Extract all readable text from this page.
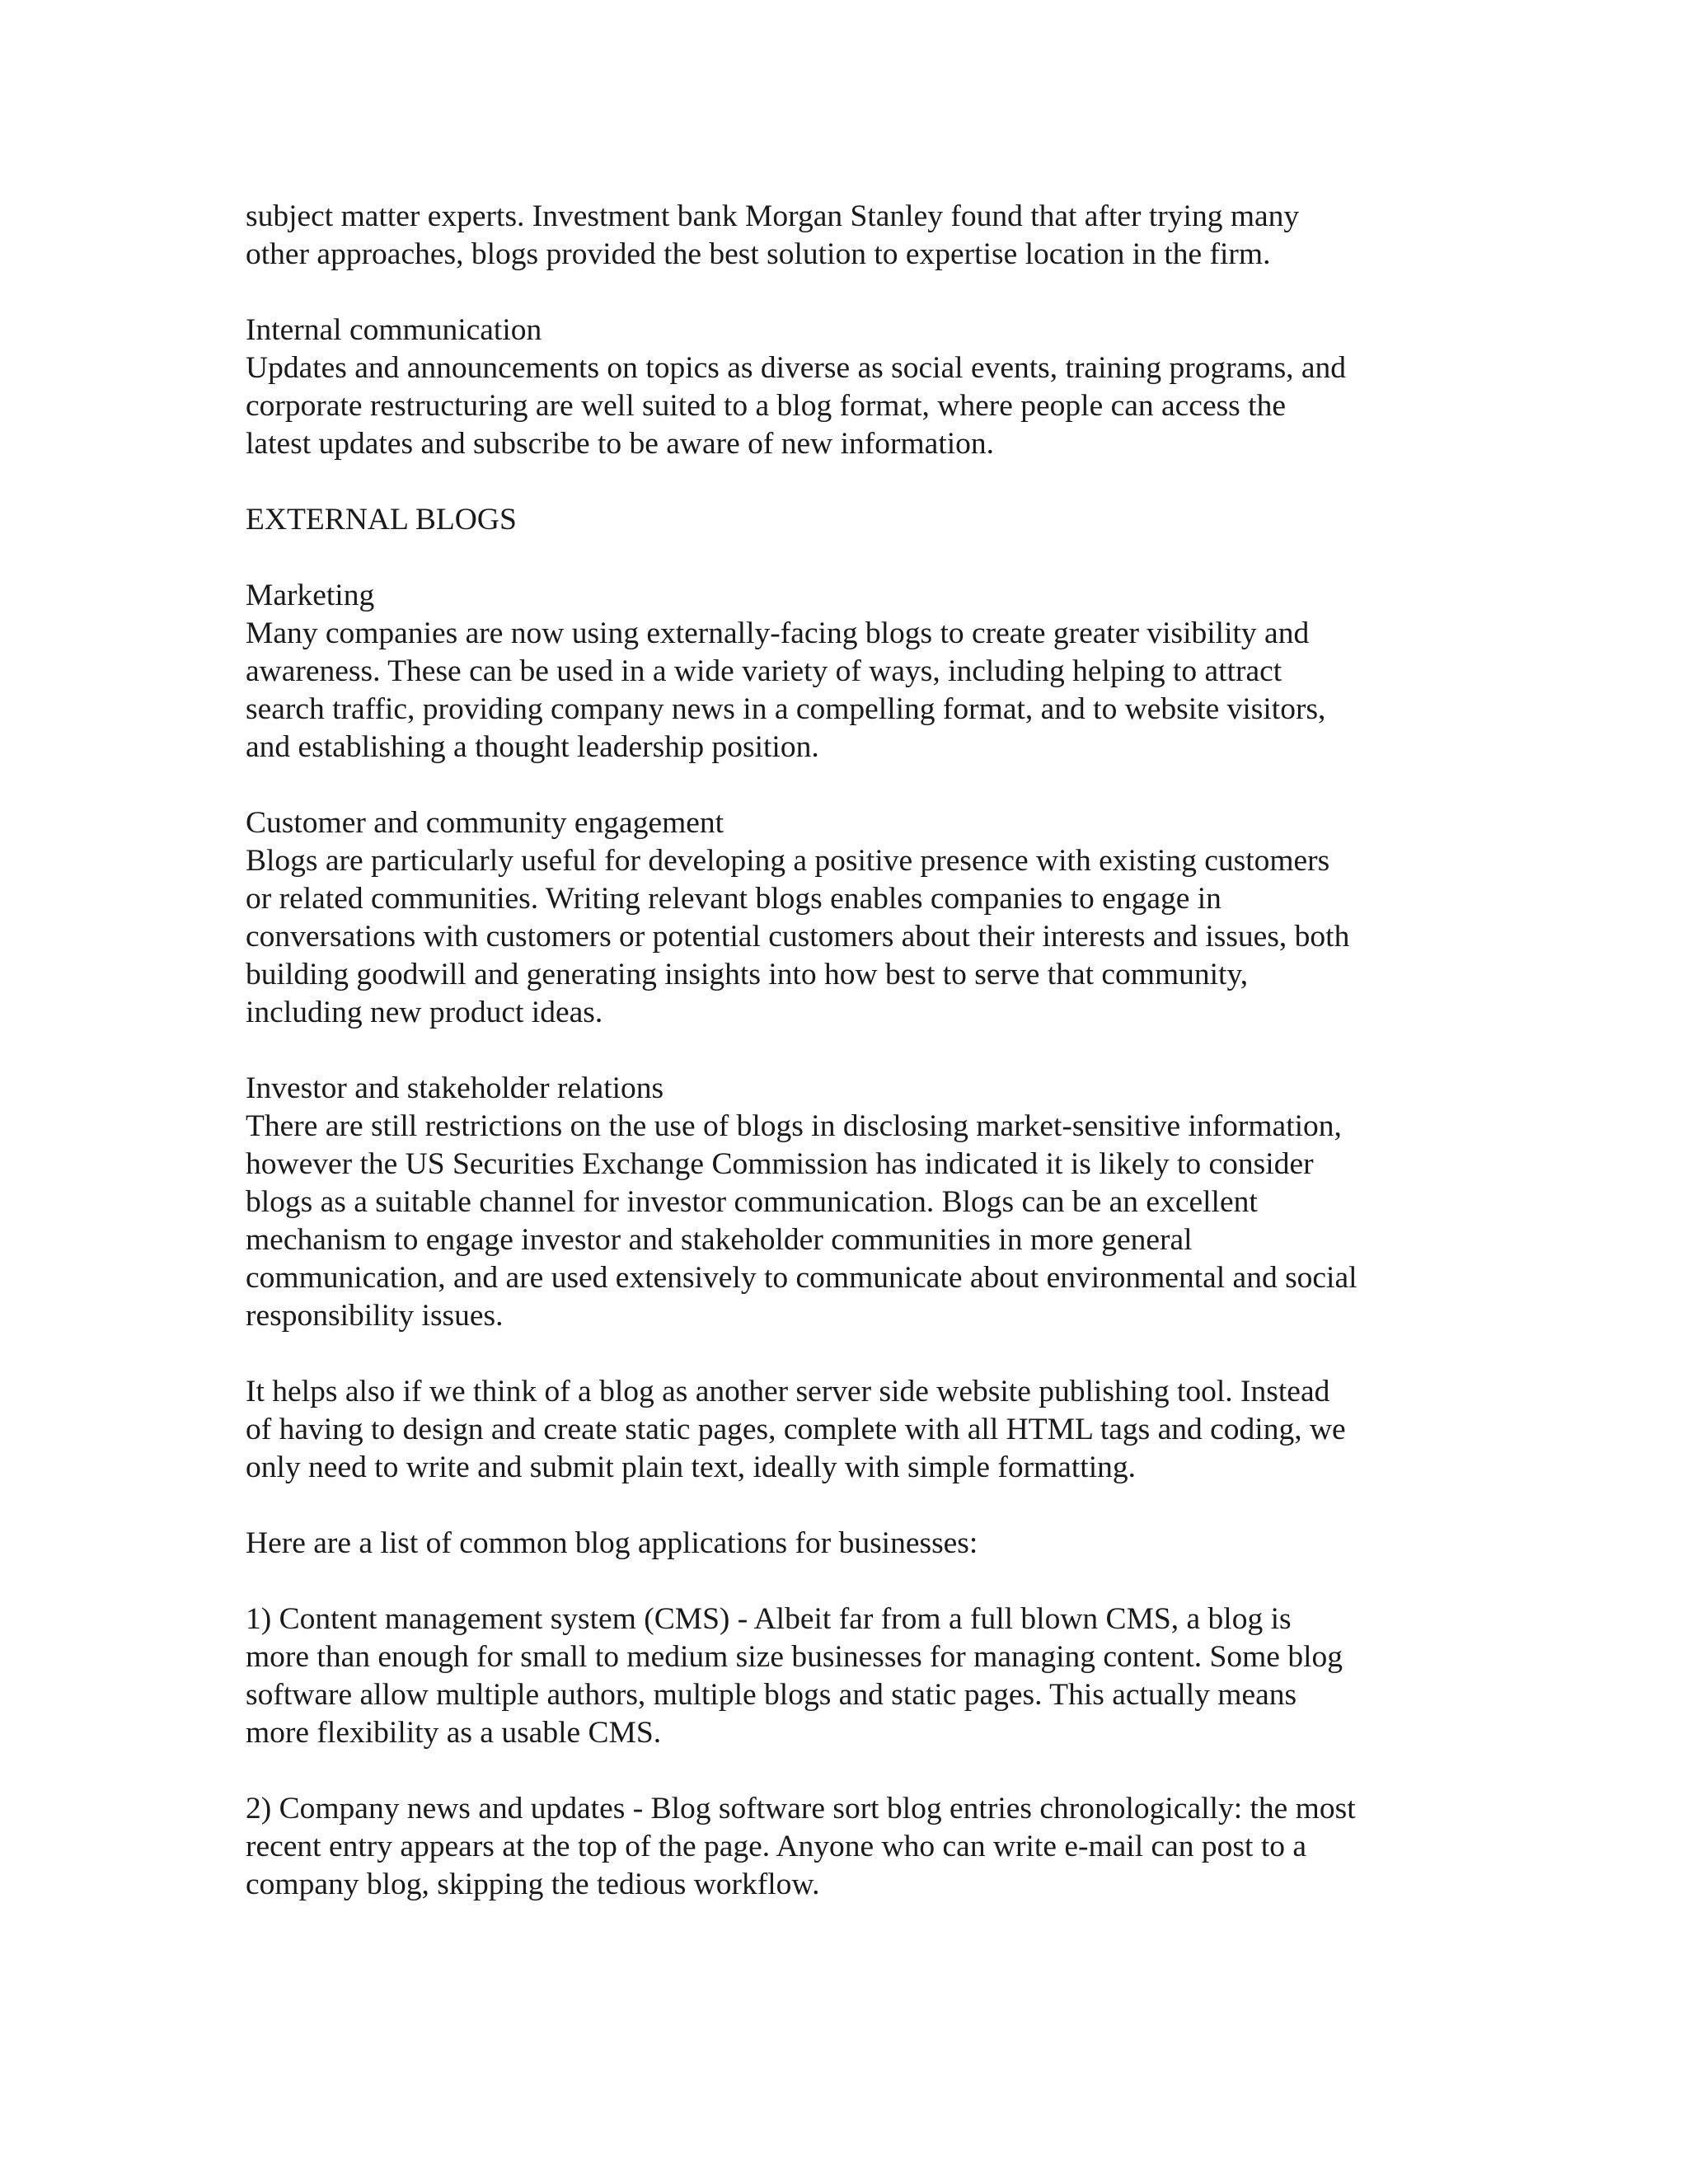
subject matter experts. Investment bank Morgan Stanley found that after trying many
other approaches, blogs provided the best solution to expertise location in the firm.
Internal communication
Updates and announcements on topics as diverse as social events, training programs, and
corporate restructuring are well suited to a blog format, where people can access the
latest updates and subscribe to be aware of new information.
EXTERNAL BLOGS
Marketing
Many companies are now using externally-facing blogs to create greater visibility and
awareness. These can be used in a wide variety of ways, including helping to attract
search traffic, providing company news in a compelling format, and to website visitors,
and establishing a thought leadership position.
Customer and community engagement
Blogs are particularly useful for developing a positive presence with existing customers
or related communities. Writing relevant blogs enables companies to engage in
conversations with customers or potential customers about their interests and issues, both
building goodwill and generating insights into how best to serve that community,
including new product ideas.
Investor and stakeholder relations
There are still restrictions on the use of blogs in disclosing market-sensitive information,
however the US Securities Exchange Commission has indicated it is likely to consider
blogs as a suitable channel for investor communication. Blogs can be an excellent
mechanism to engage investor and stakeholder communities in more general
communication, and are used extensively to communicate about environmental and social
responsibility issues.
It helps also if we think of a blog as another server side website publishing tool. Instead
of having to design and create static pages, complete with all HTML tags and coding, we
only need to write and submit plain text, ideally with simple formatting.
Here are a list of common blog applications for businesses:
1) Content management system (CMS) - Albeit far from a full blown CMS, a blog is
more than enough for small to medium size businesses for managing content. Some blog
software allow multiple authors, multiple blogs and static pages. This actually means
more flexibility as a usable CMS.
2) Company news and updates - Blog software sort blog entries chronologically: the most
recent entry appears at the top of the page. Anyone who can write e-mail can post to a
company blog, skipping the tedious workflow.
